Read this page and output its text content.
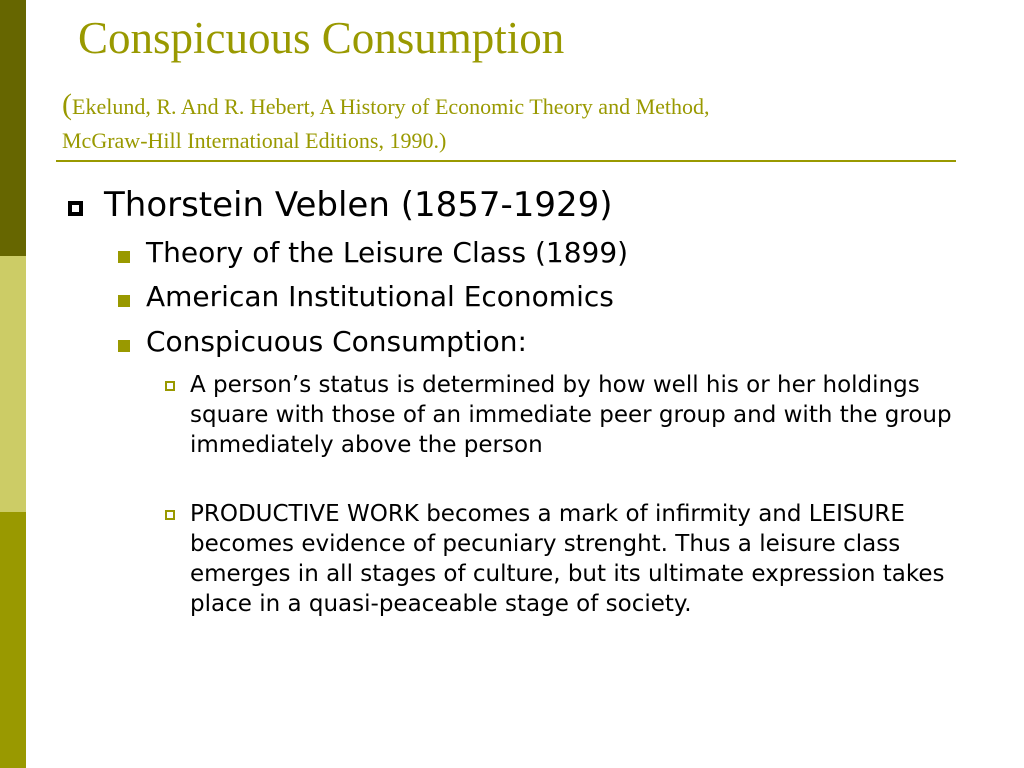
Conspicuous Consumption
(Ekelund, R. And R. Hebert, A History of Economic Theory and Method,
McGraw-Hill International Editions, 1990.)
Thorstein Veblen (1857-1929)
Theory of the Leisure Class (1899)
American Institutional Economics
Conspicuous Consumption:
A person’s status is determined by how well his or her holdings square with those of an immediate peer group and with the group immediately above the person
PRODUCTIVE WORK becomes a mark of infirmity and LEISURE becomes evidence of pecuniary strenght. Thus a leisure class emerges in all stages of culture, but its ultimate expression takes place in a quasi-peaceable stage of society.
